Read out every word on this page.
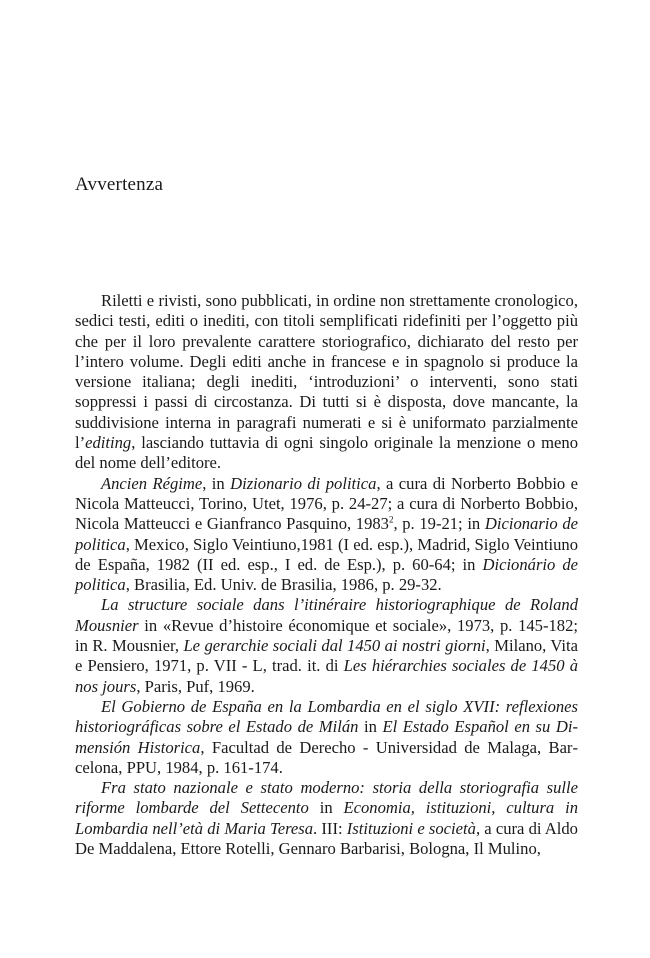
Avvertenza

Riletti e rivisti, sono pubblicati, in ordine non strettamente cronologico, sedici testi, editi o inediti, con titoli semplificati ridefiniti per l’oggetto più che per il loro prevalente carattere storiografico, dichiarato del resto per l’intero volume. Degli editi anche in francese e in spagnolo si produce la versione italiana; degli inediti, ‘introduzioni’ o interventi, sono stati soppressi i passi di circostanza. Di tutti si è disposta, dove mancante, la suddivisione interna in paragrafi numerati e si è uniformato parzialmente l’editing, lasciando tuttavia di ogni singolo originale la menzione o meno del nome dell’editore.

Ancien Régime, in Dizionario di politica, a cura di Norberto Bobbio e Nicola Matteucci, Torino, Utet, 1976, p. 24-27; a cura di Norberto Bobbio, Nicola Matteucci e Gianfranco Pasquino, 1983$^2$, p. 19-21; in Dicionario de politica, Mexico, Siglo Veintiuno,1981 (I ed. esp.), Madrid, Siglo Veintiuno de España, 1982 (II ed. esp., I ed. de Esp.), p. 60-64; in Dicionário de politica, Brasilia, Ed. Univ. de Brasilia, 1986, p. 29-32.

La structure sociale dans l’itinéraire historiographique de Roland Mousnier in «Revue d’histoire économique et sociale», 1973, p. 145-182; in R. Mousnier, Le gerarchie sociali dal 1450 ai nostri giorni, Milano, Vita e Pensiero, 1971, p. VII - L, trad. it. di Les hiérarchies sociales de 1450 à nos jours, Paris, Puf, 1969.

El Gobierno de España en la Lombardia en el siglo XVII: reflexiones historiográficas sobre el Estado de Milán in El Estado Español en su Dimensión Historica, Facultad de Derecho - Universidad de Malaga, Barcelona, PPU, 1984, p. 161-174.

Fra stato nazionale e stato moderno: storia della storiografia sulle riforme lombarde del Settecento in Economia, istituzioni, cultura in Lombardia nell’età di Maria Teresa. III: Istituzioni e società, a cura di Aldo De Maddalena, Ettore Rotelli, Gennaro Barbarisi, Bologna, Il Mulino,
